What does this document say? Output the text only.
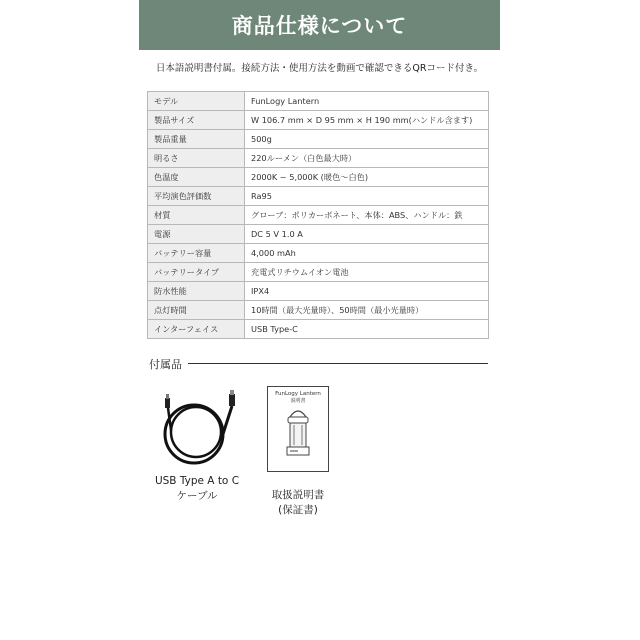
商品仕様について
日本語説明書付属。接続方法・使用方法を動画で確認できるQRコード付き。
モデル	FunLogy Lantern
製品サイズ	W 106.7 mm × D 95 mm × H 190 mm(ハンドル含ます)
製品重量	500g
明るさ	220ルーメン（白色最大時）
色温度	2000K ~ 5,000K (暖色〜白色)
平均演色評価数	Ra95
材質	グローブ：ポリカーボネート、本体：ABS、ハンドル：鉄
電源	DC 5 V 1.0 A
バッテリー容量	4,000 mAh
バッテリータイプ	充電式リチウムイオン電池
防水性能	IPX4
点灯時間	10時間（最大光量時）、50時間（最小光量時）
インターフェイス	USB Type-C
付属品
USB Type A to C
ケーブル
FunLogy Lantern
説明書
取扱説明書
(保証書)
